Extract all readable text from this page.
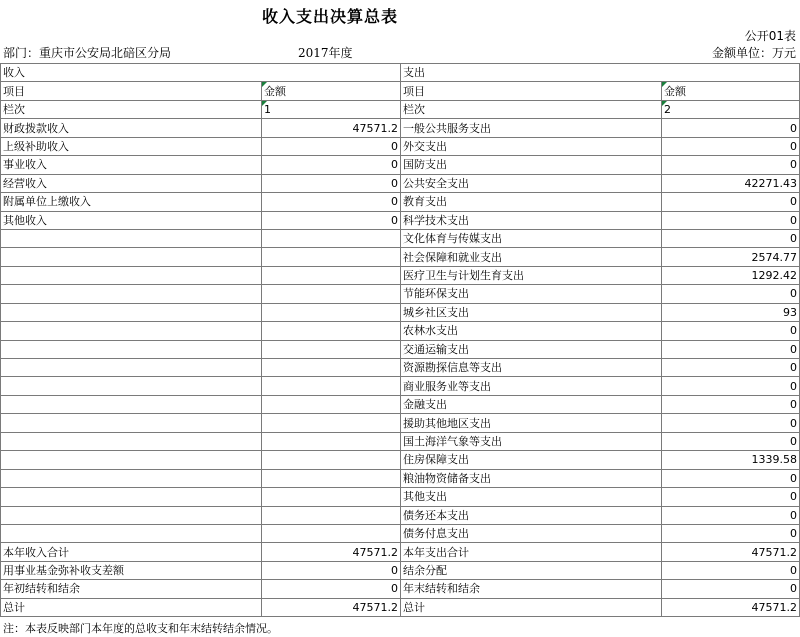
收入支出决算总表
公开01表
部门：重庆市公安局北碚区分局	2017年度	金额单位：万元
收入		支出	
项目	金额	项目	金额
栏次	1	栏次	2
财政拨款收入	47571.2	一般公共服务支出	0
上级补助收入	0	外交支出	0
事业收入	0	国防支出	0
经营收入	0	公共安全支出	42271.43
附属单位上缴收入	0	教育支出	0
其他收入	0	科学技术支出	0
		文化体育与传媒支出	0
		社会保障和就业支出	2574.77
		医疗卫生与计划生育支出	1292.42
		节能环保支出	0
		城乡社区支出	93
		农林水支出	0
		交通运输支出	0
		资源勘探信息等支出	0
		商业服务业等支出	0
		金融支出	0
		援助其他地区支出	0
		国土海洋气象等支出	0
		住房保障支出	1339.58
		粮油物资储备支出	0
		其他支出	0
		债务还本支出	0
		债务付息支出	0
本年收入合计	47571.2	本年支出合计	47571.2
用事业基金弥补收支差额	0	结余分配	0
年初结转和结余	0	年末结转和结余	0
总计	47571.2	总计	47571.2
注：本表反映部门本年度的总收支和年末结转结余情况。
